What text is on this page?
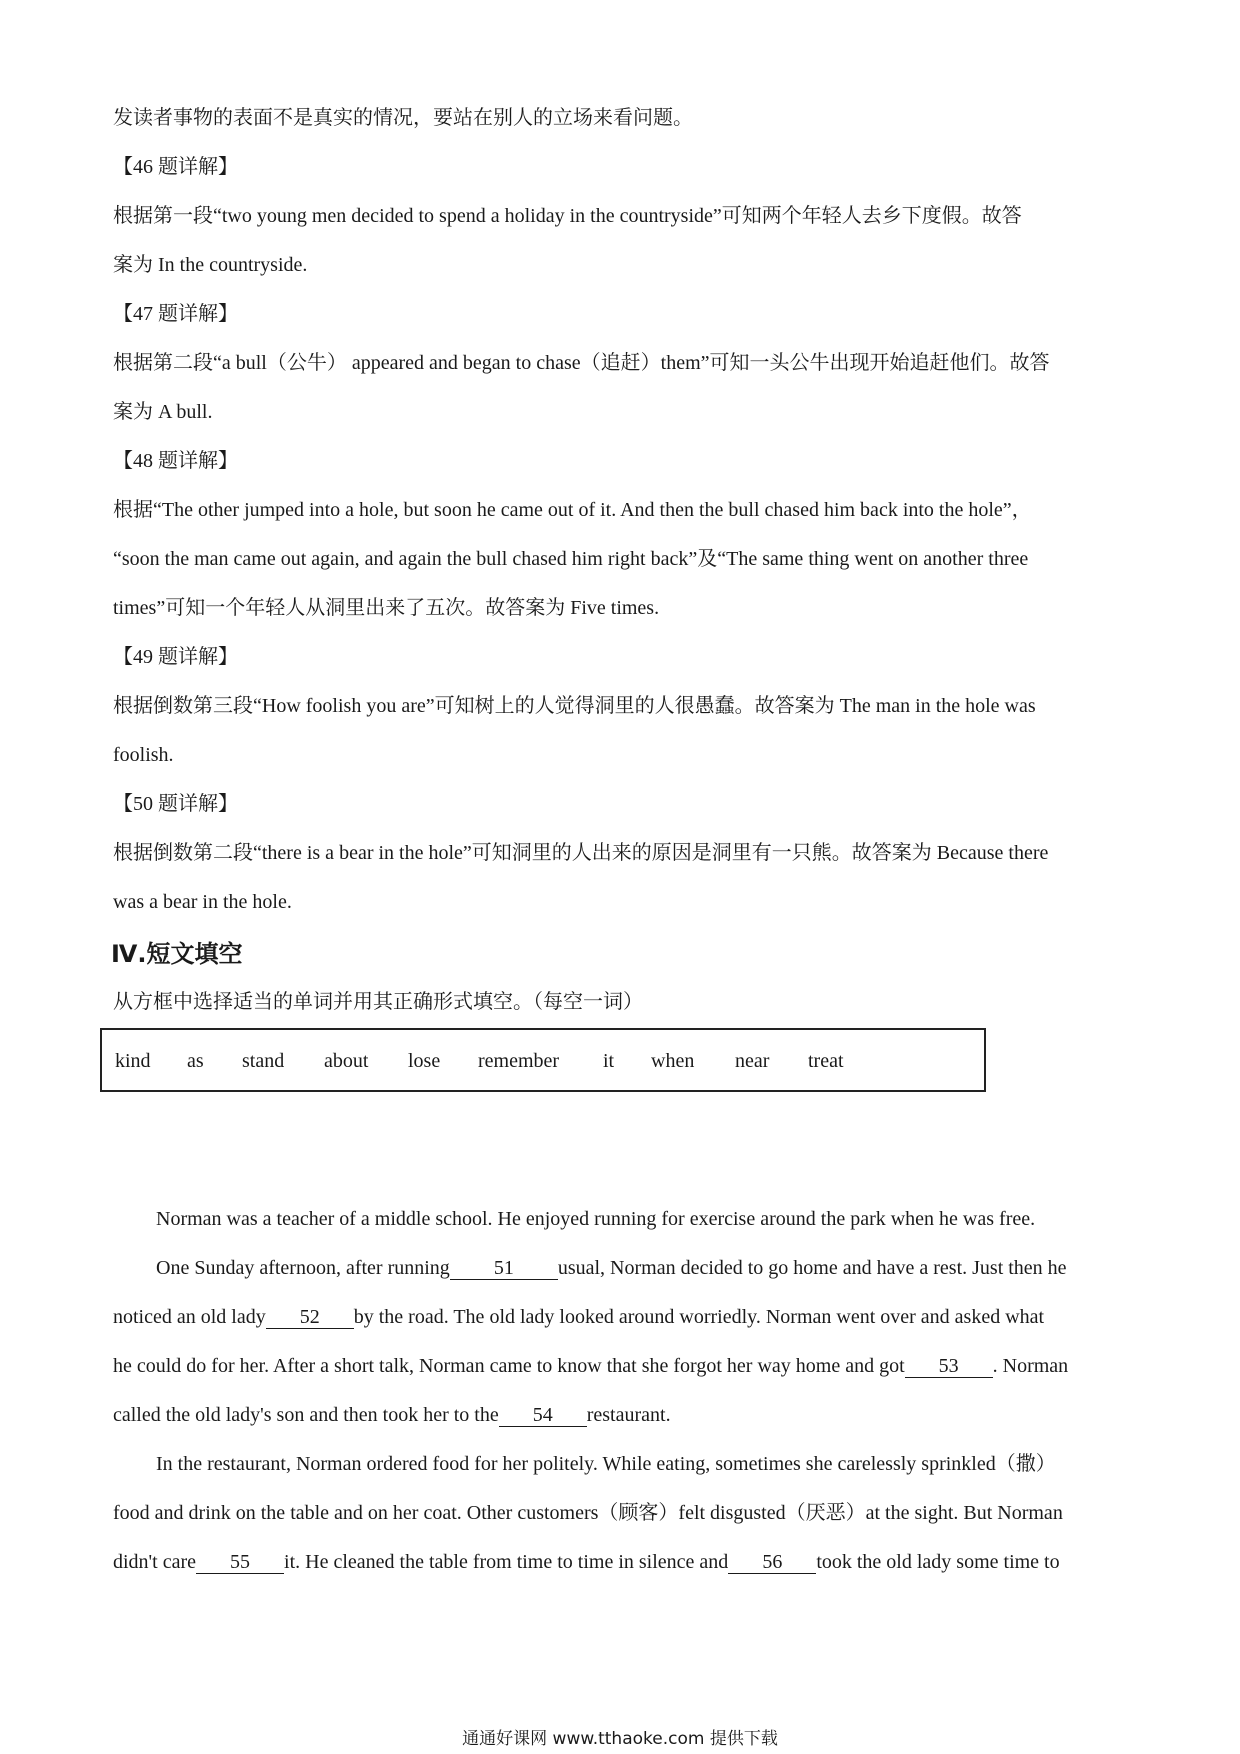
发读者事物的表面不是真实的情况，要站在别人的立场来看问题。
【46 题详解】
根据第一段“two young men decided to spend a holiday in the countryside”可知两个年轻人去乡下度假。故答
案为 In the countryside.
【47 题详解】
根据第二段“a bull（公牛） appeared and began to chase（追赶）them”可知一头公牛出现开始追赶他们。故答
案为 A bull.
【48 题详解】
根据“The other jumped into a hole, but soon he came out of it. And then the bull chased him back into the hole”，
“soon the man came out again, and again the bull chased him right back”及“The same thing went on another three
times”可知一个年轻人从洞里出来了五次。故答案为 Five times.
【49 题详解】
根据倒数第三段“How foolish you are”可知树上的人觉得洞里的人很愚蠢。故答案为 The man in the hole was
foolish.
【50 题详解】
根据倒数第二段“there is a bear in the hole”可知洞里的人出来的原因是洞里有一只熊。故答案为 Because there
was a bear in the hole.
Ⅳ.短文填空
从方框中选择适当的单词并用其正确形式填空。（每空一词）
kind as stand about lose remember it when near treat
Norman was a teacher of a middle school. He enjoyed running for exercise around the park when he was free.
One Sunday afternoon, after running 51 usual, Norman decided to go home and have a rest. Just then he
noticed an old lady 52 by the road. The old lady looked around worriedly. Norman went over and asked what
he could do for her. After a short talk, Norman came to know that she forgot her way home and got 53 . Norman
called the old lady's son and then took her to the 54 restaurant.
In the restaurant, Norman ordered food for her politely. While eating, sometimes she carelessly sprinkled（撒）
food and drink on the table and on her coat. Other customers（顾客）felt disgusted（厌恶）at the sight. But Norman
didn't care 55 it. He cleaned the table from time to time in silence and 56 took the old lady some time to
通通好课网 www.tthaoke.com 提供下载
